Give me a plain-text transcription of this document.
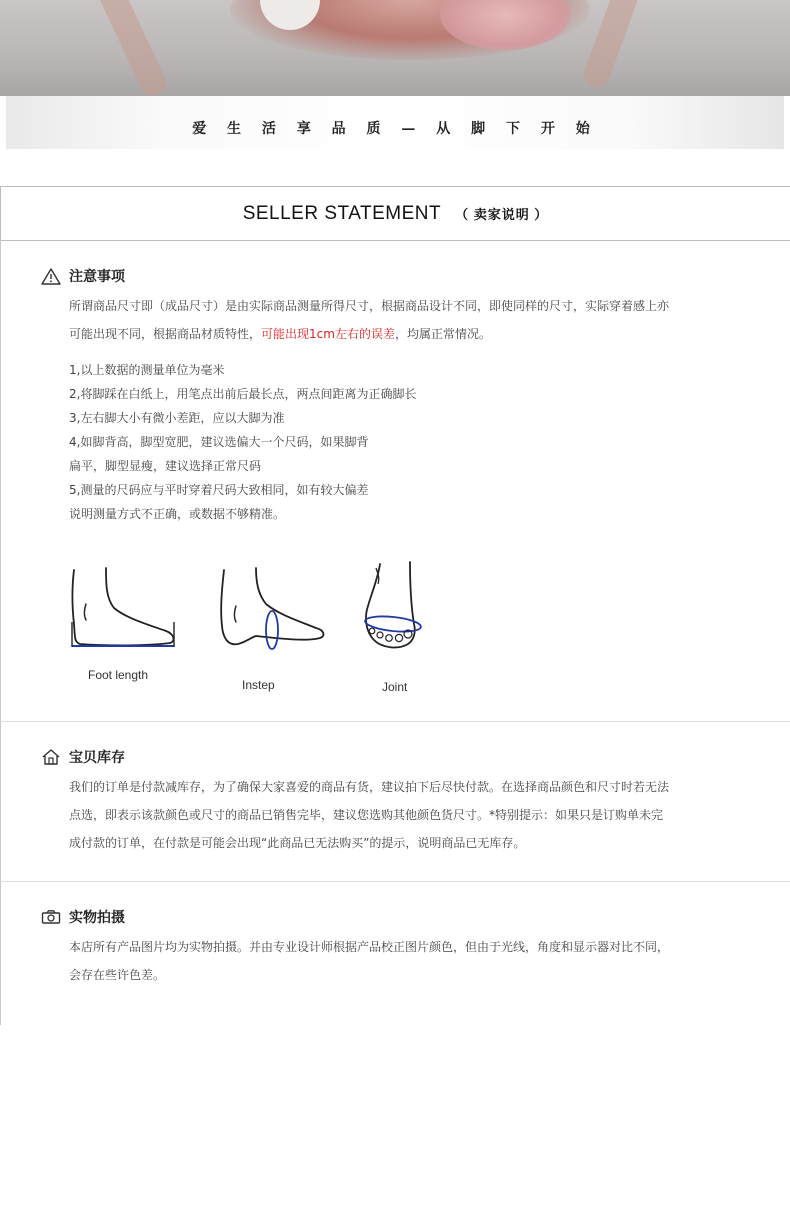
爱 生 活 享 品 质 — 从 脚 下 开 始
SELLER STATEMENT （ 卖家说明 ）
注意事项
所谓商品尺寸即（成品尺寸）是由实际商品测量所得尺寸，根据商品设计不同，即使同样的尺寸，实际穿着感上亦可能出现不同，根据商品材质特性，可能出现1cm左右的误差，均属正常情况。
1,以上数据的测量单位为毫米
2,将脚踩在白纸上，用笔点出前后最长点，两点间距离为正确脚长
3,左右脚大小有微小差距，应以大脚为准
4,如脚背高，脚型宽肥，建议选偏大一个尺码，如果脚背
扁平，脚型显瘦，建议选择正常尺码
5,测量的尺码应与平时穿着尺码大致相同，如有较大偏差
说明测量方式不正确，或数据不够精准。
Foot length
Instep	Joint
宝贝库存
我们的订单是付款减库存，为了确保大家喜爱的商品有货，建议拍下后尽快付款。在选择商品颜色和尺寸时若无法点选，即表示该款颜色或尺寸的商品已销售完毕，建议您选购其他颜色货尺寸。*特别提示：如果只是订购单未完成付款的订单，在付款是可能会出现“此商品已无法购买”的提示，说明商品已无库存。
实物拍摄
本店所有产品图片均为实物拍摄。并由专业设计师根据产品校正图片颜色，但由于光线，角度和显示器对比不同，会存在些许色差。
